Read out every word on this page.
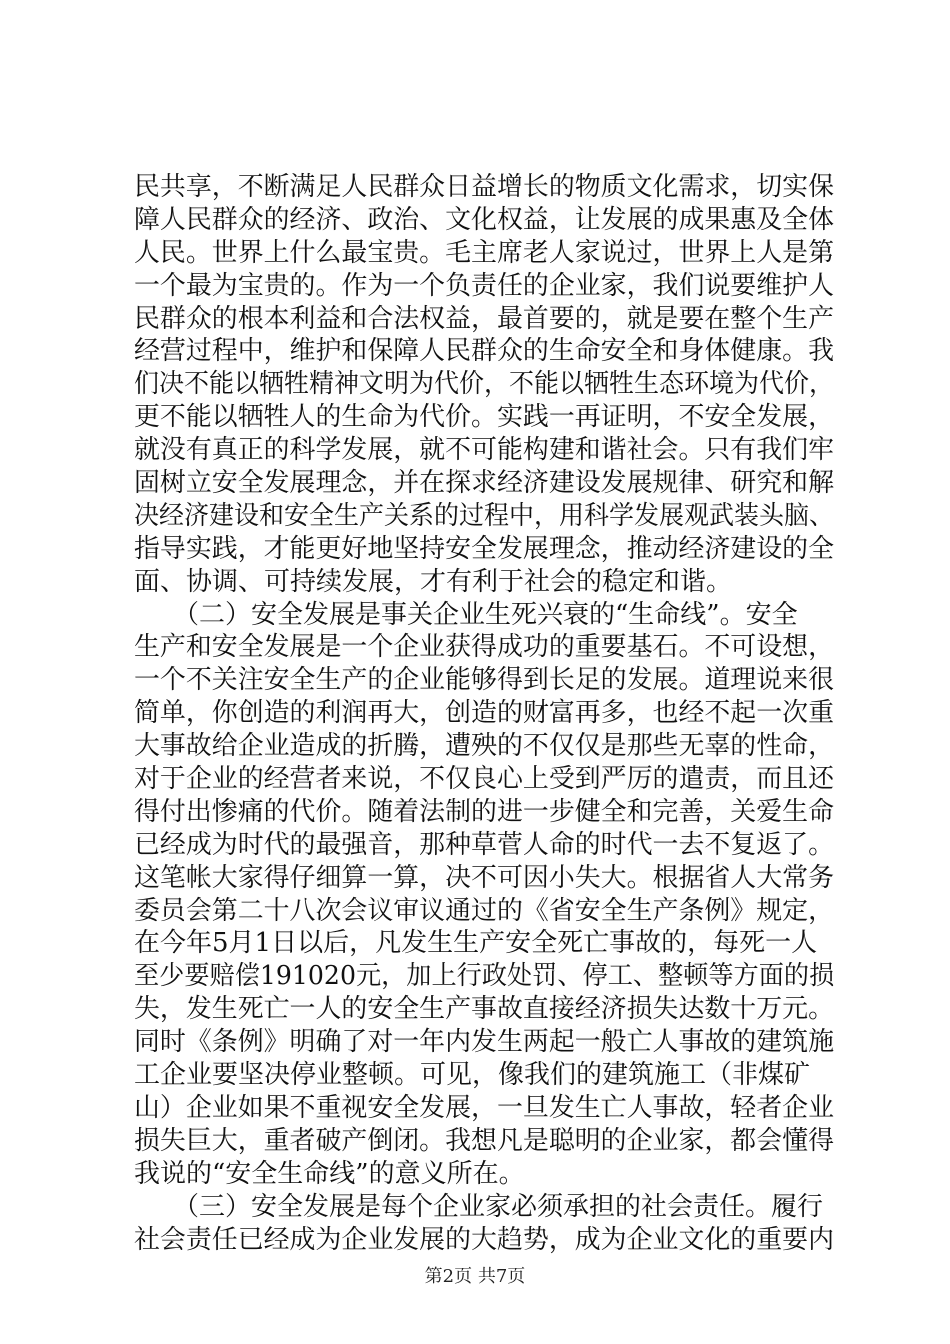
民共享，不断满足人民群众日益增长的物质文化需求，切实保
障人民群众的经济、政治、文化权益，让发展的成果惠及全体
人民。世界上什么最宝贵。毛主席老人家说过，世界上人是第
一个最为宝贵的。作为一个负责任的企业家，我们说要维护人
民群众的根本利益和合法权益，最首要的，就是要在整个生产
经营过程中，维护和保障人民群众的生命安全和身体健康。我
们决不能以牺牲精神文明为代价，不能以牺牲生态环境为代价，
更不能以牺牲人的生命为代价。实践一再证明，不安全发展，
就没有真正的科学发展，就不可能构建和谐社会。只有我们牢
固树立安全发展理念，并在探求经济建设发展规律、研究和解
决经济建设和安全生产关系的过程中，用科学发展观武装头脑、
指导实践，才能更好地坚持安全发展理念，推动经济建设的全
面、协调、可持续发展，才有利于社会的稳定和谐。
　　（二）安全发展是事关企业生死兴衰的“生命线”。安全
生产和安全发展是一个企业获得成功的重要基石。不可设想，
一个不关注安全生产的企业能够得到长足的发展。道理说来很
简单，你创造的利润再大，创造的财富再多，也经不起一次重
大事故给企业造成的折腾，遭殃的不仅仅是那些无辜的性命，
对于企业的经营者来说，不仅良心上受到严厉的遣责，而且还
得付出惨痛的代价。随着法制的进一步健全和完善，关爱生命
已经成为时代的最强音，那种草菅人命的时代一去不复返了。
这笔帐大家得仔细算一算，决不可因小失大。根据省人大常务
委员会第二十八次会议审议通过的《省安全生产条例》规定，
在今年5月1日以后，凡发生生产安全死亡事故的，每死一人
至少要赔偿191020元，加上行政处罚、停工、整顿等方面的损
失，发生死亡一人的安全生产事故直接经济损失达数十万元。
同时《条例》明确了对一年内发生两起一般亡人事故的建筑施
工企业要坚决停业整顿。可见，像我们的建筑施工（非煤矿
山）企业如果不重视安全发展，一旦发生亡人事故，轻者企业
损失巨大，重者破产倒闭。我想凡是聪明的企业家，都会懂得
我说的“安全生命线”的意义所在。
　　（三）安全发展是每个企业家必须承担的社会责任。履行
社会责任已经成为企业发展的大趋势，成为企业文化的重要内
第2页 共7页
